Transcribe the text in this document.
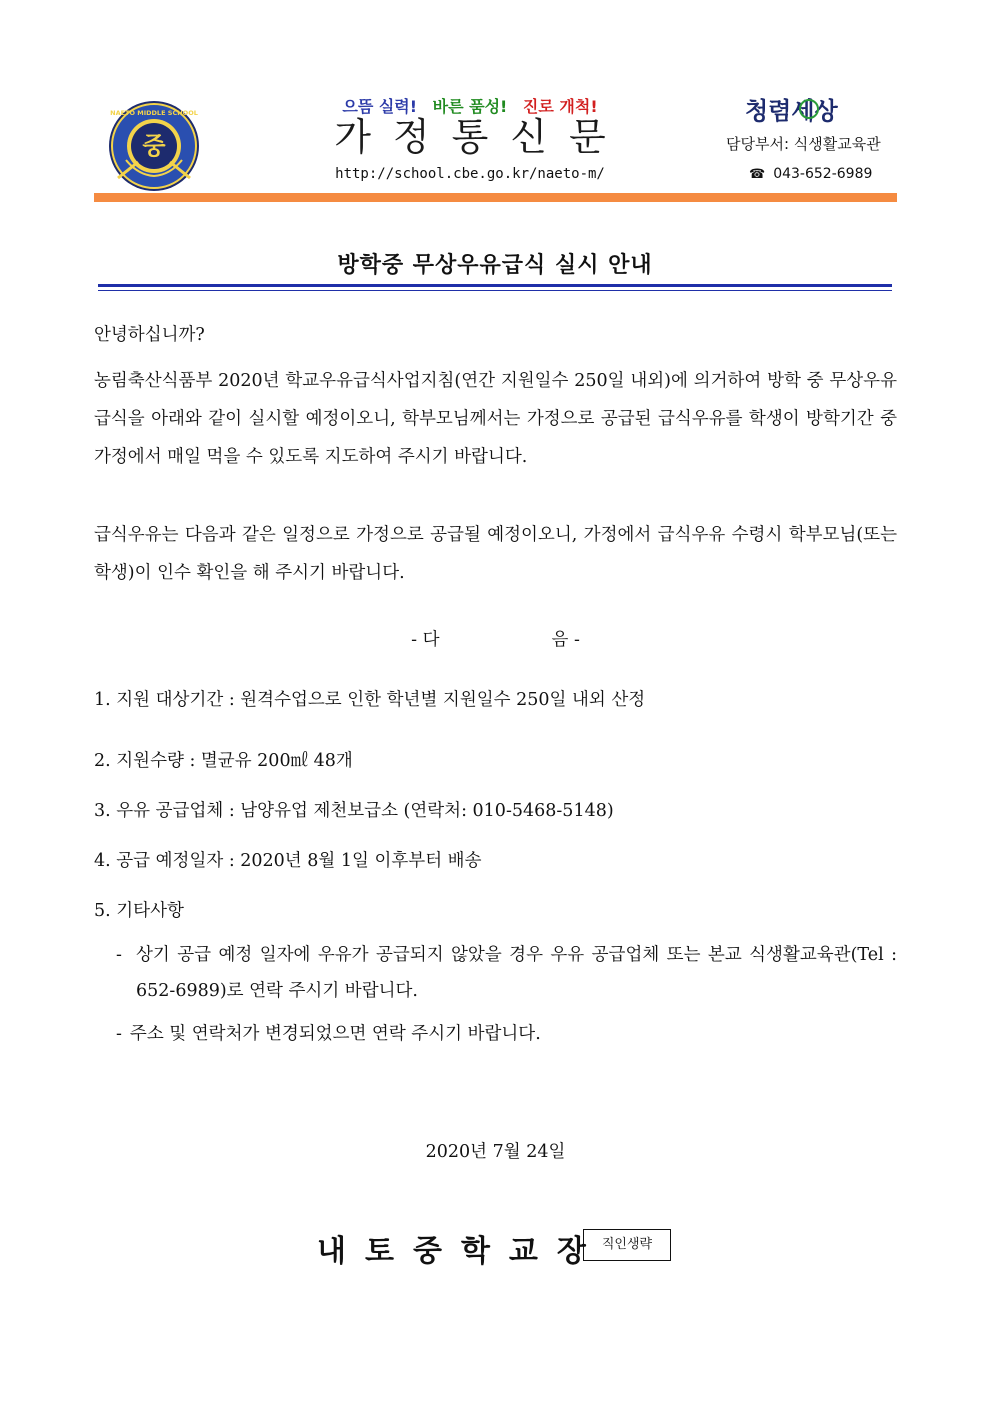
중
NAETO MIDDLE SCHOOL	으뜸 실력! 바른 품성! 진로 개척!
가정통신문
http://school.cbe.go.kr/naeto-m/
청렴세상
담당부서: 식생활교육관
☎ 043-652-6989
방학중 무상우유급식 실시 안내
안녕하십니까?
농림축산식품부 2020년 학교우유급식사업지침(연간 지원일수 250일 내외)에 의거하여 방학 중 무상우유급식을 아래와 같이 실시할 예정이오니, 학부모님께서는 가정으로 공급된 급식우유를 학생이 방학기간 중 가정에서 매일 먹을 수 있도록 지도하여 주시기 바랍니다.
급식우유는 다음과 같은 일정으로 가정으로 공급될 예정이오니, 가정에서 급식우유 수령시 학부모님(또는 학생)이 인수 확인을 해 주시기 바랍니다.
- 다	음 -
1. 지원 대상기간 : 원격수업으로 인한 학년별 지원일수 250일 내외 산정
2. 지원수량 : 멸균유 200㎖ 48개
3. 우유 공급업체 : 남양유업 제천보급소 (연락처: 010-5468-5148)
4. 공급 예정일자 : 2020년 8월 1일 이후부터 배송
5. 기타사항
- 상기 공급 예정 일자에 우유가 공급되지 않았을 경우 우유 공급업체 또는 본교 식생활교육관(Tel : 652-6989)로 연락 주시기 바랍니다.
- 주소 및 연락처가 변경되었으면 연락 주시기 바랍니다.
2020년 7월 24일
내토중학교장
직인생략
